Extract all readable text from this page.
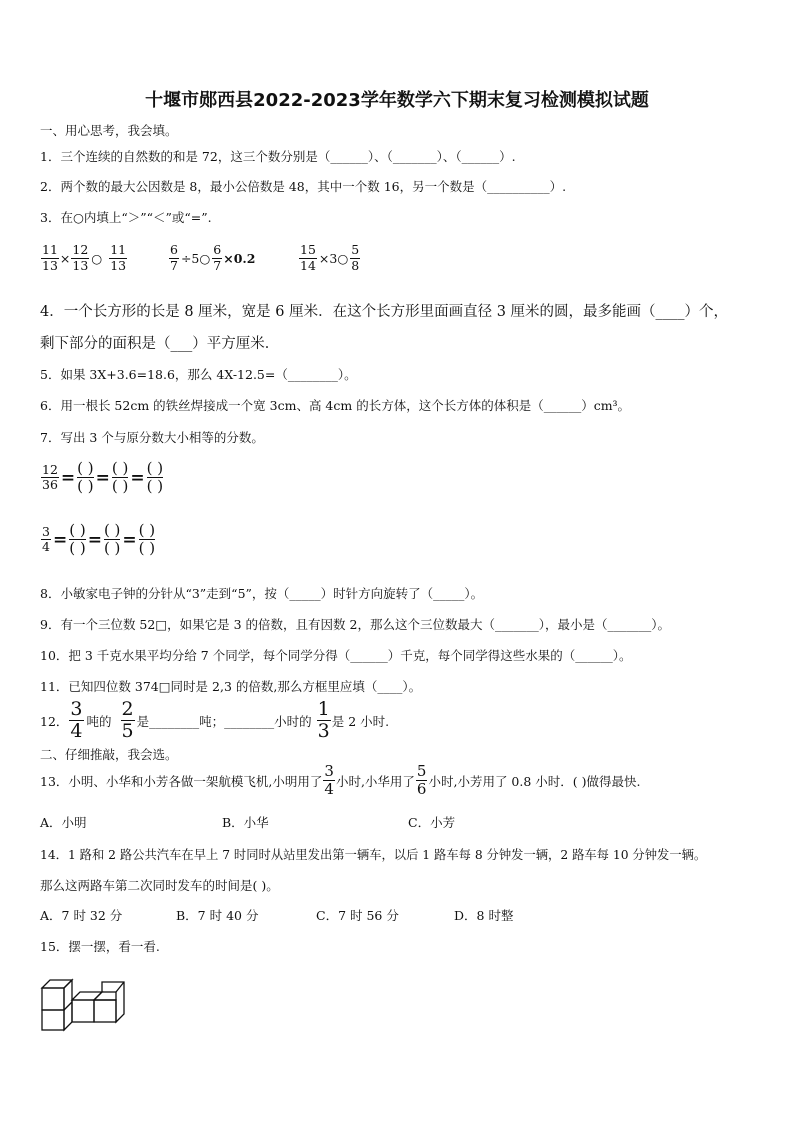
十堰市郧西县2022-2023学年数学六下期末复习检测模拟试题
一、用心思考，我会填。
1．三个连续的自然数的和是 72，这三个数分别是（______）、（_______）、（______）.
2．两个数的最大公因数是 8，最小公倍数是 48，其中一个数 16，另一个数是（__________）.
3．在○内填上“＞”“＜”或“=”.
$\frac{11}{13} \times \frac{12}{13}$ ○ $\frac{11}{13}$	$\frac{6}{7}$ ÷5○ $\frac{6}{7} \times 0.2$	$\frac{15}{14}$ ×3○ $\frac{5}{8}$
4．一个长方形的长是 8 厘米，宽是 6 厘米．在这个长方形里面画直径 3 厘米的圆，最多能画（____）个，
剩下部分的面积是（___）平方厘米．
5．如果 3X+3.6=18.6，那么 4X-12.5=（________）。
6．用一根长 52cm 的铁丝焊接成一个宽 3cm、高 4cm 的长方体，这个长方体的体积是（______）cm³。
7．写出 3 个与原分数大小相等的分数。
$\frac{12}{36}$ = ( )
( ) = ( )
( ) = ( )
( )
$\frac{3}{4}$ = ( )
( ) = ( )
( ) = ( )
( )
8．小敏家电子钟的分针从“3”走到“5”，按（_____）时针方向旋转了（_____）。
9．有一个三位数 52□，如果它是 3 的倍数，且有因数 2，那么这个三位数最大（_______），最小是（_______）。
10．把 3 千克水果平均分给 7 个同学，每个同学分得（______）千克，每个同学得这些水果的（______）。
11．已知四位数 374□同时是 2,3 的倍数,那么方框里应填（____）。
12． $\frac{3}{4}$ 吨的 $\frac{2}{5}$ 是________吨；________小时的 $\frac{1}{3}$ 是 2 小时.
二、仔细推敲，我会选。
13．小明、小华和小芳各做一架航模飞机,小明用了 $\frac{3}{4}$ 小时,小华用了 $\frac{5}{6}$ 小时,小芳用了 0.8 小时．( )做得最快.
A．小明	B．小华	C．小芳
14．1 路和 2 路公共汽车在早上 7 时同时从站里发出第一辆车，以后 1 路车每 8 分钟发一辆，2 路车每 10 分钟发一辆。
那么这两路车第二次同时发车的时间是( )。
A．7 时 32 分	B．7 时 40 分	C．7 时 56 分	D．8 时整
15．摆一摆，看一看.
